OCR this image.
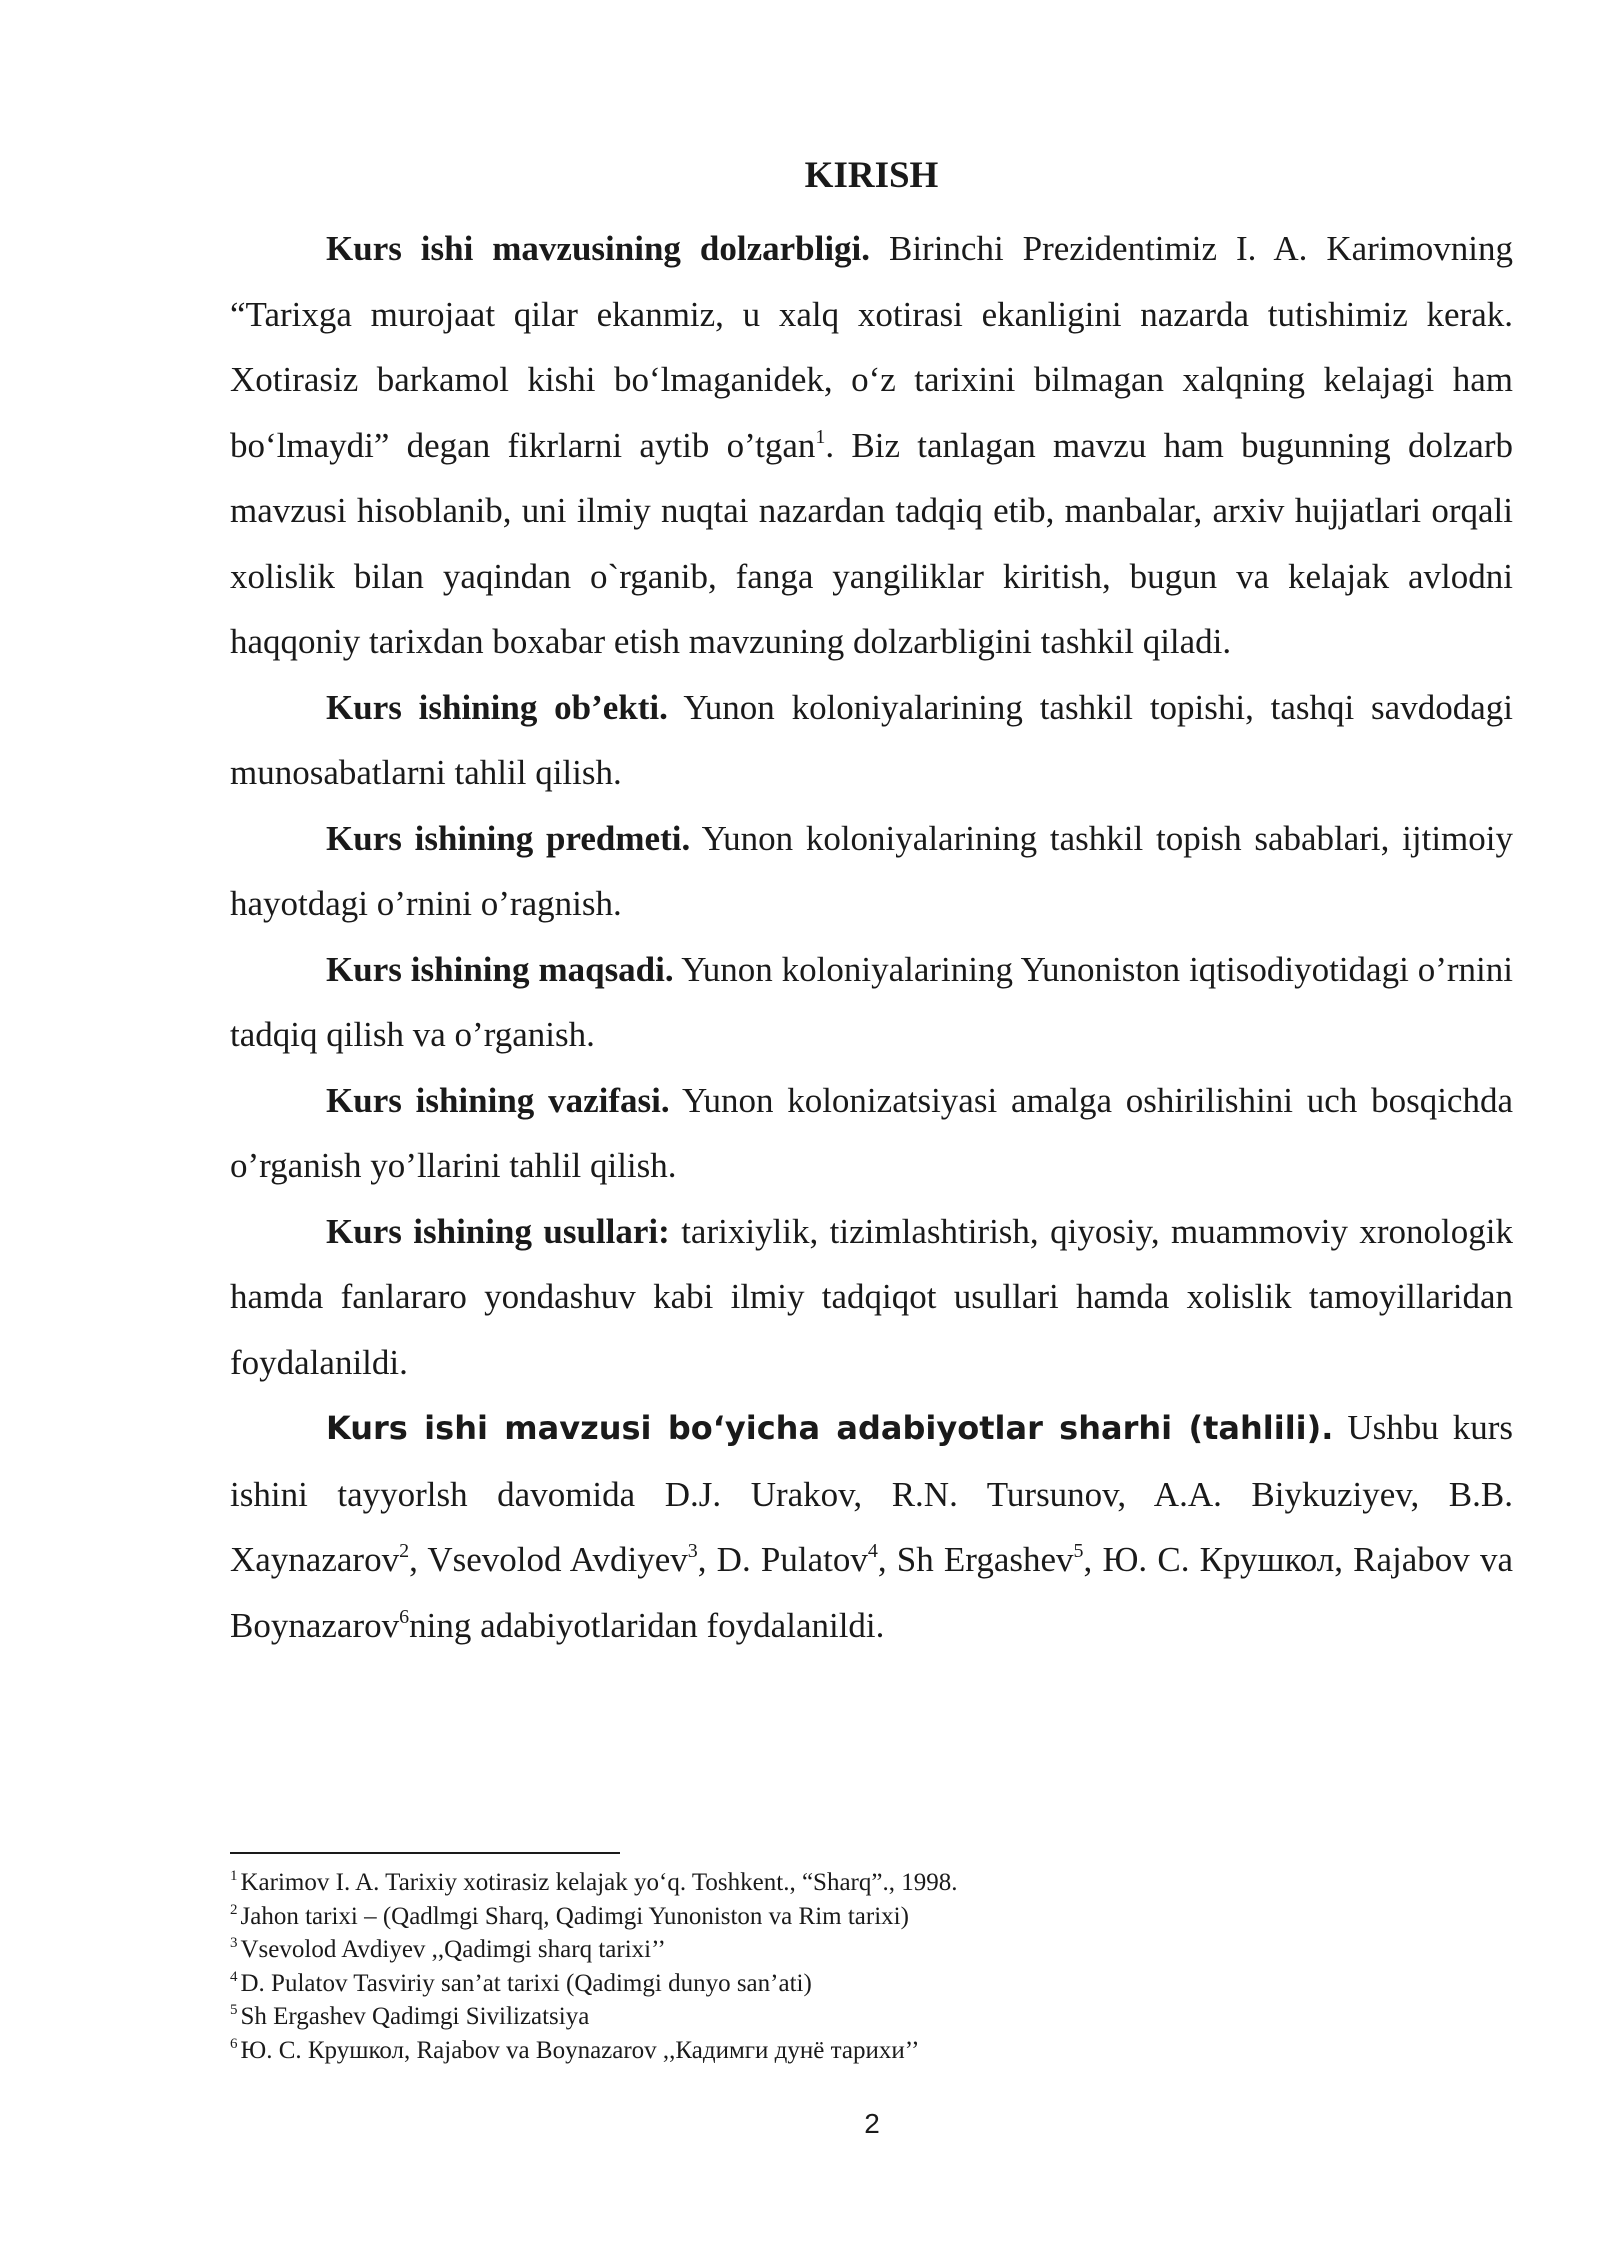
KIRISH

Kurs ishi mavzusining dolzarbligi. Birinchi Prezidentimiz I. A. Karimovning “Tarixga murojaat qilar ekanmiz, u xalq xotirasi ekanligini nazarda tutishimiz kerak. Xotirasiz barkamol kishi bo‘lmaganidek, o‘z tarixini bilmagan xalqning kelajagi ham bo‘lmaydi” degan fikrlarni aytib o’tgan$^1$. Biz tanlagan mavzu ham bugunning dolzarb mavzusi hisoblanib, uni ilmiy nuqtai nazardan tadqiq etib, manbalar, arxiv hujjatlari orqali xolislik bilan yaqindan o`rganib, fanga yangiliklar kiritish, bugun va kelajak avlodni haqqoniy tarixdan boxabar etish mavzuning dolzarbligini tashkil qiladi.

Kurs ishining ob’ekti. Yunon koloniyalarining tashkil topishi, tashqi savdodagi munosabatlarni tahlil qilish.

Kurs ishining predmeti. Yunon koloniyalarining tashkil topish sabablari, ijtimoiy hayotdagi o’rnini o’ragnish.

Kurs ishining maqsadi. Yunon koloniyalarining Yunoniston iqtisodiyotidagi o’rnini tadqiq qilish va o’rganish.

Kurs ishining vazifasi. Yunon kolonizatsiyasi amalga oshirilishini uch bosqichda o’rganish yo’llarini tahlil qilish.

Kurs ishining usullari: tarixiylik, tizimlashtirish, qiyosiy, muammoviy xronologik hamda fanlararo yondashuv kabi ilmiy tadqiqot usullari hamda xolislik tamoyillaridan foydalanildi.

Kurs ishi mavzusi bo‘yicha adabiyotlar sharhi (tahlili). Ushbu kurs ishini tayyorlsh davomida D.J. Urakov, R.N. Tursunov, A.A. Biykuziyev, B.B. Xaynazarov$^2$, Vsevolod Avdiyev$^3$, D. Pulatov$^4$, Sh Ergashev$^5$, Ю. С. Крушкол, Rajabov va Boynazarov$^6$ning adabiyotlaridan foydalanildi.

$^1$ Karimov I. A. Tarixiy xotirasiz kelajak yo‘q. Toshkent., “Sharq”., 1998.
$^2$ Jahon tarixi – (Qadlmgi Sharq, Qadimgi Yunoniston va Rim tarixi)
$^3$ Vsevolod Avdiyev ,,Qadimgi sharq tarixi’’
$^4$ D. Pulatov Tasviriy san’at tarixi (Qadimgi dunyo san’ati)
$^5$ Sh Ergashev Qadimgi Sivilizatsiya
$^6$ Ю. С. Крушкол, Rajabov va Boynazarov ,,Кадимги дунё тарихи’’
2
